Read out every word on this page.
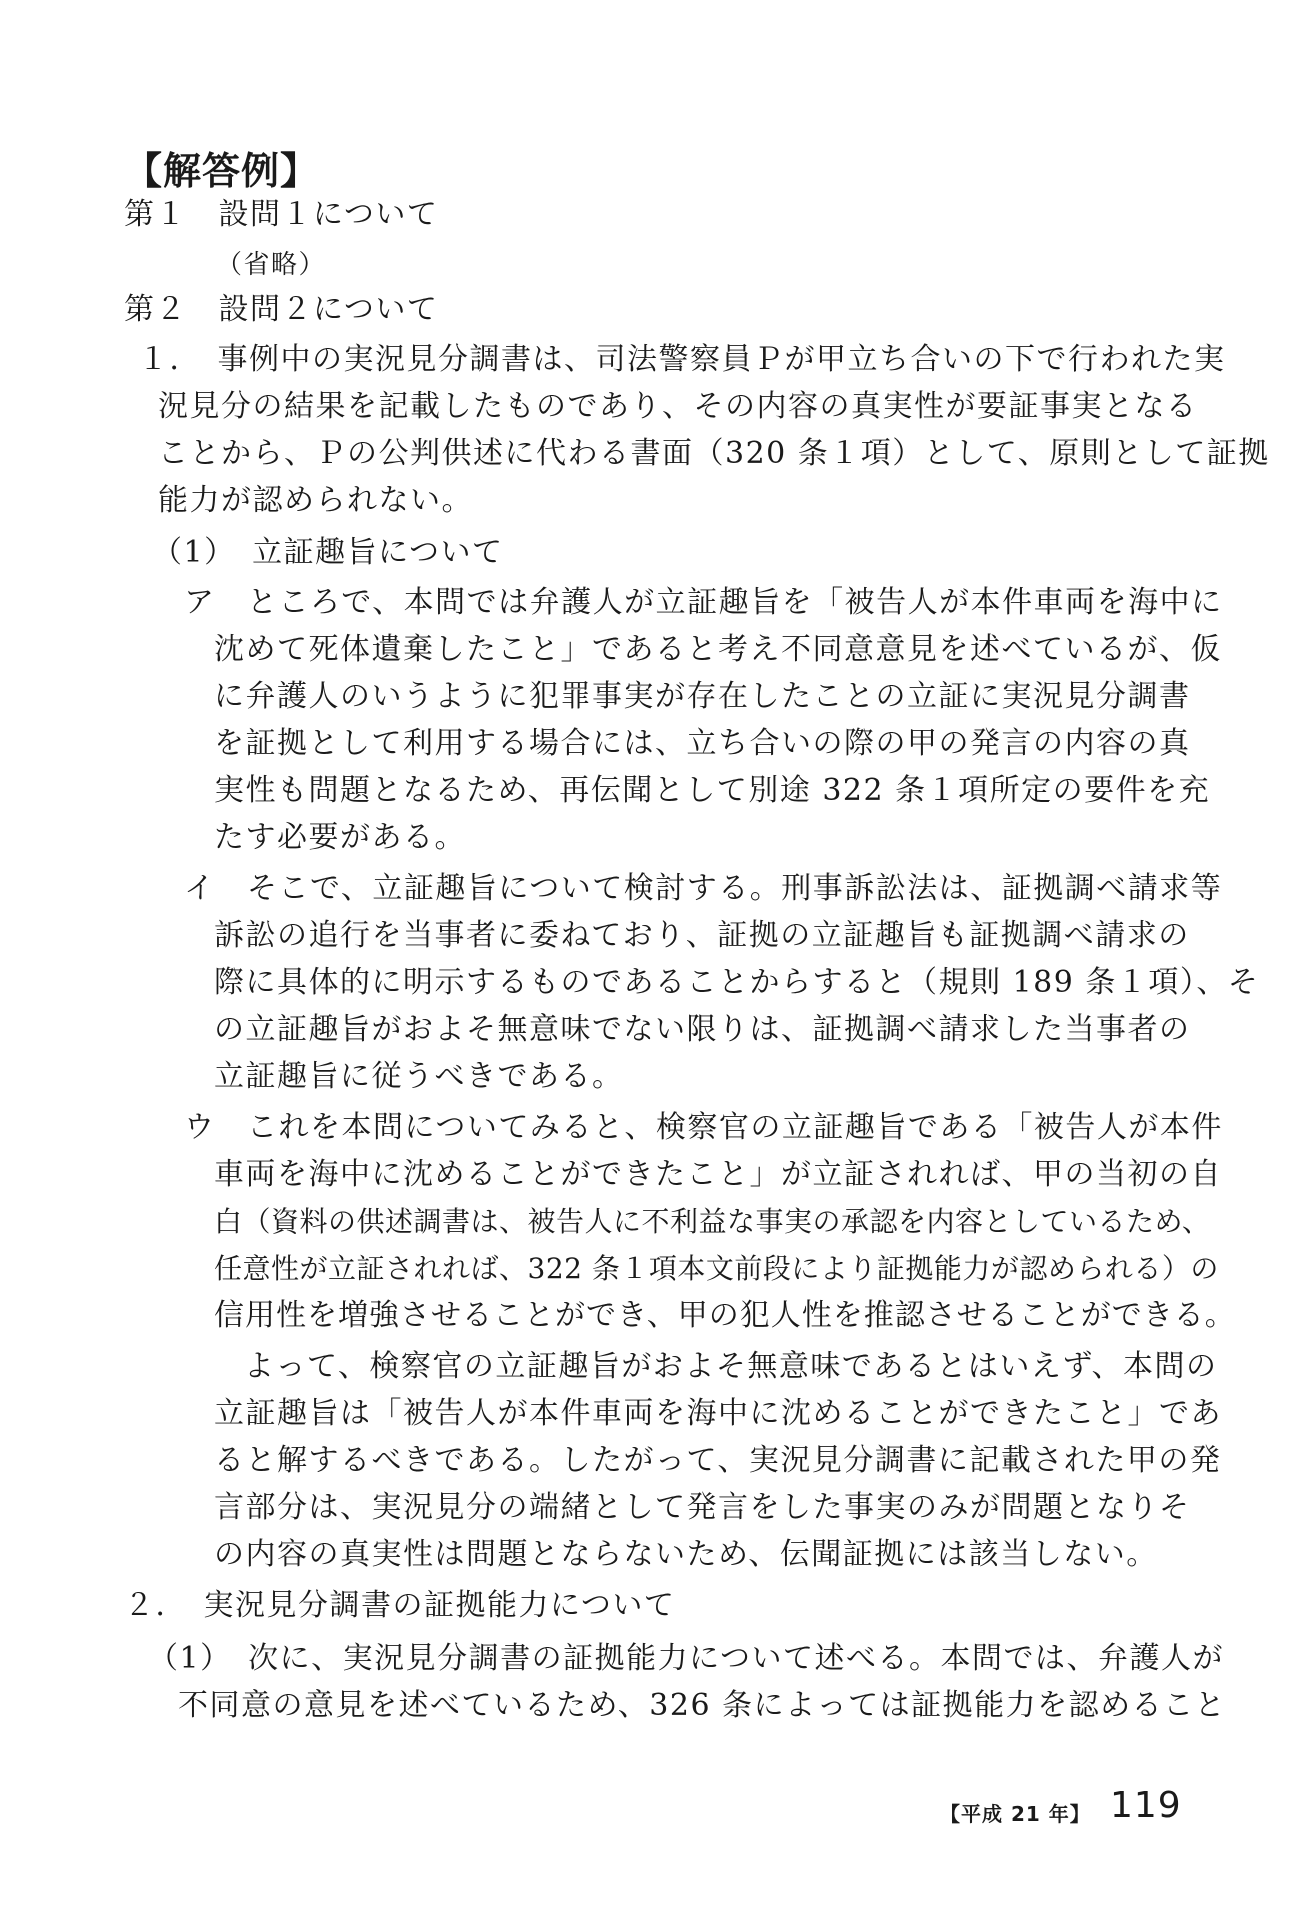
【解答例】
第１　設問１について
（省略）
第２　設問２について
１．　事例中の実況見分調書は、司法警察員Ｐが甲立ち合いの下で行われた実
況見分の結果を記載したものであり、その内容の真実性が要証事実となる
ことから、Ｐの公判供述に代わる書面（320 条１項）として、原則として証拠
能力が認められない。
（1）　立証趣旨について
ア　ところで、本問では弁護人が立証趣旨を「被告人が本件車両を海中に
沈めて死体遺棄したこと」であると考え不同意意見を述べているが、仮
に弁護人のいうように犯罪事実が存在したことの立証に実況見分調書
を証拠として利用する場合には、立ち合いの際の甲の発言の内容の真
実性も問題となるため、再伝聞として別途 322 条１項所定の要件を充
たす必要がある。
イ　そこで、立証趣旨について検討する。刑事訴訟法は、証拠調べ請求等
訴訟の追行を当事者に委ねており、証拠の立証趣旨も証拠調べ請求の
際に具体的に明示するものであることからすると（規則 189 条１項）、そ
の立証趣旨がおよそ無意味でない限りは、証拠調べ請求した当事者の
立証趣旨に従うべきである。
ウ　これを本問についてみると、検察官の立証趣旨である「被告人が本件
車両を海中に沈めることができたこと」が立証されれば、甲の当初の自
白（資料の供述調書は、被告人に不利益な事実の承認を内容としているため、
任意性が立証されれば、322 条１項本文前段により証拠能力が認められる）の
信用性を増強させることができ、甲の犯人性を推認させることができる。
よって、検察官の立証趣旨がおよそ無意味であるとはいえず、本問の
立証趣旨は「被告人が本件車両を海中に沈めることができたこと」であ
ると解するべきである。したがって、実況見分調書に記載された甲の発
言部分は、実況見分の端緒として発言をした事実のみが問題となりそ
の内容の真実性は問題とならないため、伝聞証拠には該当しない。
２．　実況見分調書の証拠能力について
（1）　次に、実況見分調書の証拠能力について述べる。本問では、弁護人が
不同意の意見を述べているため、326 条によっては証拠能力を認めること
【平成 21 年】 119
